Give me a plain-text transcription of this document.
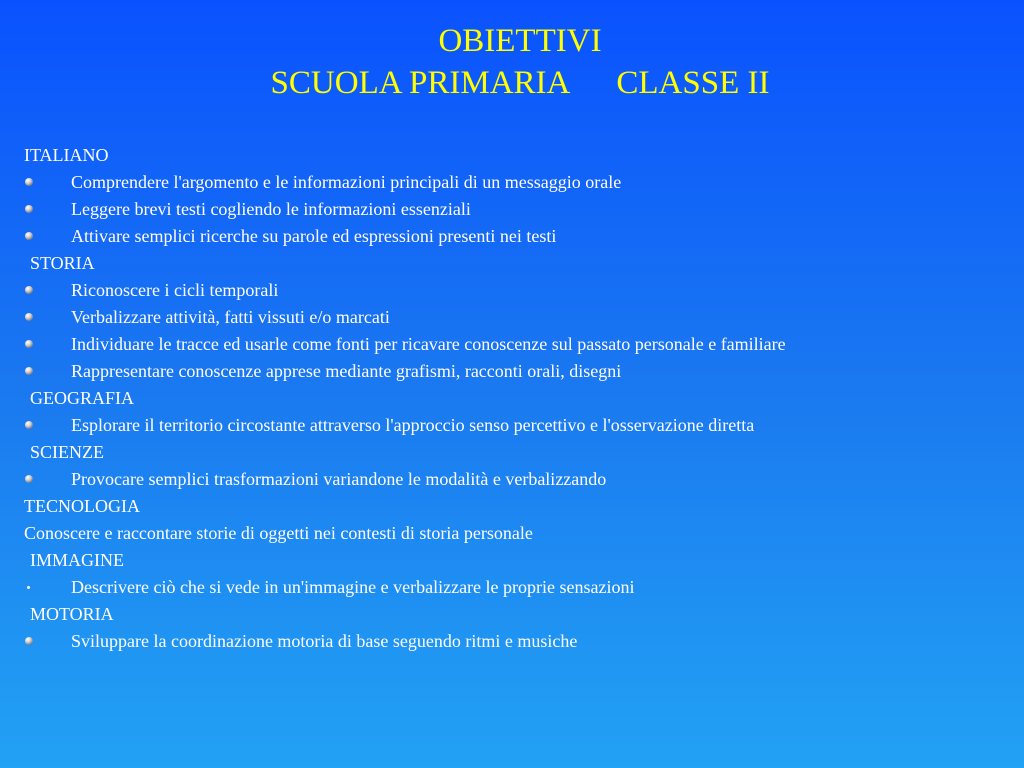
OBIETTIVI
SCUOLA PRIMARIA CLASSE II
ITALIANO
Comprendere l'argomento e le informazioni principali di un messaggio orale
Leggere brevi testi cogliendo le informazioni essenziali
Attivare semplici ricerche su parole ed espressioni presenti nei testi
STORIA
Riconoscere i cicli temporali
Verbalizzare attività, fatti vissuti e/o marcati
Individuare le tracce ed usarle come fonti per ricavare conoscenze sul passato personale e familiare
Rappresentare conoscenze apprese mediante grafismi, racconti orali, disegni
GEOGRAFIA
Esplorare il territorio circostante attraverso l'approccio senso percettivo e l'osservazione diretta
SCIENZE
Provocare semplici trasformazioni variandone le modalità e verbalizzando
TECNOLOGIA
Conoscere e raccontare storie di oggetti nei contesti di storia personale
IMMAGINE
Descrivere ciò che si vede in un'immagine e verbalizzare le proprie sensazioni
MOTORIA
Sviluppare la coordinazione motoria di base seguendo ritmi e musiche
